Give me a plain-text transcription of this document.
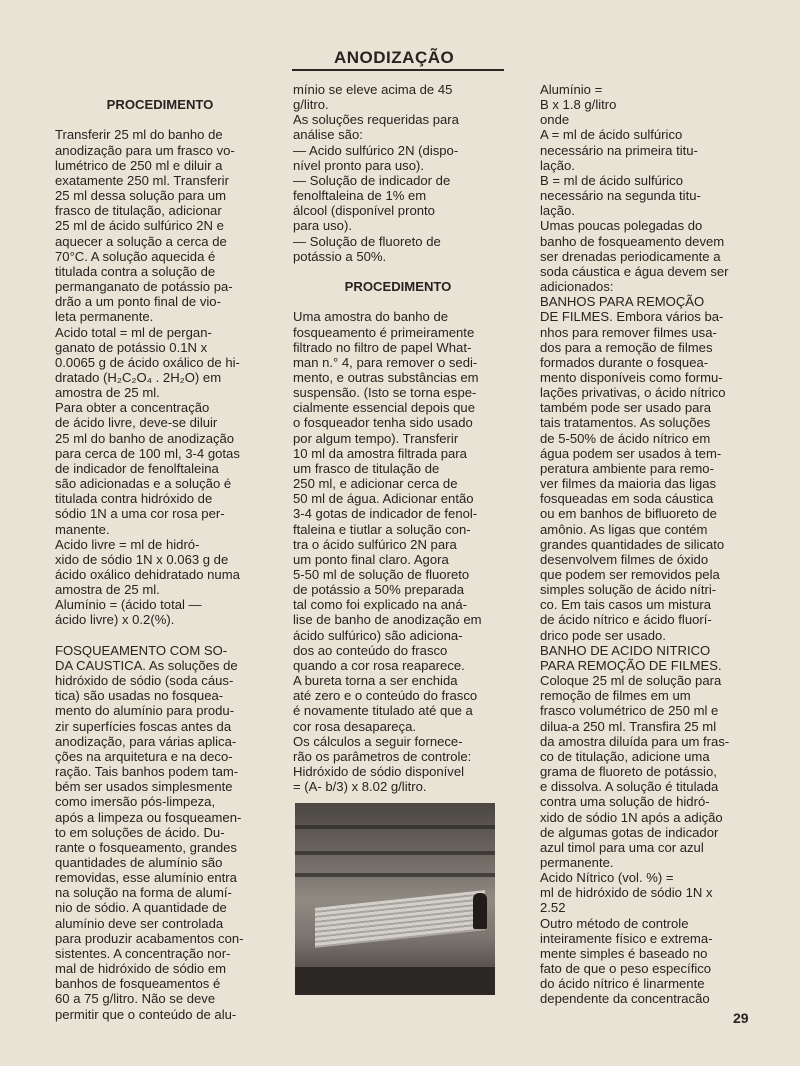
ANODIZAÇÃO

PROCEDIMENTO

Transferir 25 ml do banho de

anodização para um frasco vo-

lumétrico de 250 ml e diluir a

exatamente 250 ml. Transferir

25 ml dessa solução para um

frasco de titulação, adicionar

25 ml de ácido sulfúrico 2N e

aquecer a solução a cerca de

70°C. A solução aquecida é

titulada contra a solução de

permanganato de potássio pa-

drão a um ponto final de vio-

leta permanente.

Acido total = ml de pergan-

ganato de potássio 0.1N x

0.0065 g de ácido oxálico de hi-

dratado (H₂C₂O₄ . 2H₂O) em

amostra de 25 ml.

Para obter a concentração

de ácido livre, deve-se diluir

25 ml do banho de anodização

para cerca de 100 ml, 3-4 gotas

de indicador de fenolftaleina

são adicionadas e a solução é

titulada contra hidróxido de

sódio 1N a uma cor rosa per-

manente.

Acido livre = ml de hidró-

xido de sódio 1N x 0.063 g de

ácido oxálico dehidratado numa

amostra de 25 ml.

Alumínio = (ácido total —

ácido livre) x 0.2(%).

FOSQUEAMENTO COM SO-

DA CAUSTICA. As soluções de

hidróxido de sódio (soda cáus-

tica) são usadas no fosquea-

mento do alumínio para produ-

zir superfícies foscas antes da

anodização, para várias aplica-

ções na arquitetura e na deco-

ração. Tais banhos podem tam-

bém ser usados simplesmente

como imersão pós-limpeza,

após a limpeza ou fosqueamen-

to em soluções de ácido. Du-

rante o fosqueamento, grandes

quantidades de alumínio são

removidas, esse alumínio entra

na solução na forma de alumí-

nio de sódio. A quantidade de

alumínio deve ser controlada

para produzir acabamentos con-

sistentes. A concentração nor-

mal de hidróxido de sódio em

banhos de fosqueamentos é

60 a 75 g/litro. Não se deve

permitir que o conteúdo de alu-

mínio se eleve acima de 45

g/litro.

As soluções requeridas para

análise são:

— Acido sulfúrico 2N (dispo-

nível pronto para uso).

— Solução de indicador de

fenolftaleina de 1% em

álcool (disponível pronto

para uso).

— Solução de fluoreto de

potássio a 50%.

PROCEDIMENTO

Uma amostra do banho de

fosqueamento é primeiramente

filtrado no filtro de papel What-

man n.° 4, para remover o sedi-

mento, e outras substâncias em

suspensão. (Isto se torna espe-

cialmente essencial depois que

o fosqueador tenha sido usado

por algum tempo). Transferir

10 ml da amostra filtrada para

um frasco de titulação de

250 ml, e adicionar cerca de

50 ml de água. Adicionar então

3-4 gotas de indicador de fenol-

ftaleina e tiutlar a solução con-

tra o ácido sulfúrico 2N para

um ponto final claro. Agora

5-50 ml de solução de fluoreto

de potássio a 50% preparada

tal como foi explicado na aná-

lise de banho de anodização em

ácido sulfúrico) são adiciona-

dos ao conteúdo do frasco

quando a cor rosa reaparece.

A bureta torna a ser enchida

até zero e o conteúdo do frasco

é novamente titulado até que a

cor rosa desapareça.

Os cálculos a seguir fornece-

rão os parâmetros de controle:

Hidróxido de sódio disponível

= (A- b/3) x 8.02 g/litro.

Alumínio =

B x 1.8 g/litro

onde

A = ml de ácido sulfúrico

necessário na primeira titu-

lação.

B = ml de ácido sulfúrico

necessário na segunda titu-

lação.

Umas poucas polegadas do

banho de fosqueamento devem

ser drenadas periodicamente a

soda cáustica e água devem ser

adicionados:

BANHOS PARA REMOÇÃO

DE FILMES. Embora vários ba-

nhos para remover filmes usa-

dos para a remoção de filmes

formados durante o fosquea-

mento disponíveis como formu-

lações privativas, o ácido nítrico

também pode ser usado para

tais tratamentos. As soluções

de 5-50% de ácido nítrico em

água podem ser usados à tem-

peratura ambiente para remo-

ver filmes da maioria das ligas

fosqueadas em soda cáustica

ou em banhos de bifluoreto de

amônio. As ligas que contém

grandes quantidades de silicato

desenvolvem filmes de óxido

que podem ser removidos pela

simples solução de ácido nítri-

co. Em tais casos um mistura

de ácido nítrico e ácido fluorí-

drico pode ser usado.

BANHO DE ACIDO NITRICO

PARA REMOÇÃO DE FILMES.

Coloque 25 ml de solução para

remoção de filmes em um

frasco volumétrico de 250 ml e

dilua-a 250 ml. Transfira 25 ml

da amostra diluída para um fras-

co de titulação, adicione uma

grama de fluoreto de potássio,

e dissolva. A solução é titulada

contra uma solução de hidró-

xido de sódio 1N após a adição

de algumas gotas de indicador

azul timol para uma cor azul

permanente.

Acido Nítrico (vol. %) =

ml de hidróxido de sódio 1N x

2.52

Outro método de controle

inteiramente físico e extrema-

mente simples é baseado no

fato de que o peso específico

do ácido nítrico é linarmente

dependente da concentracão

29
